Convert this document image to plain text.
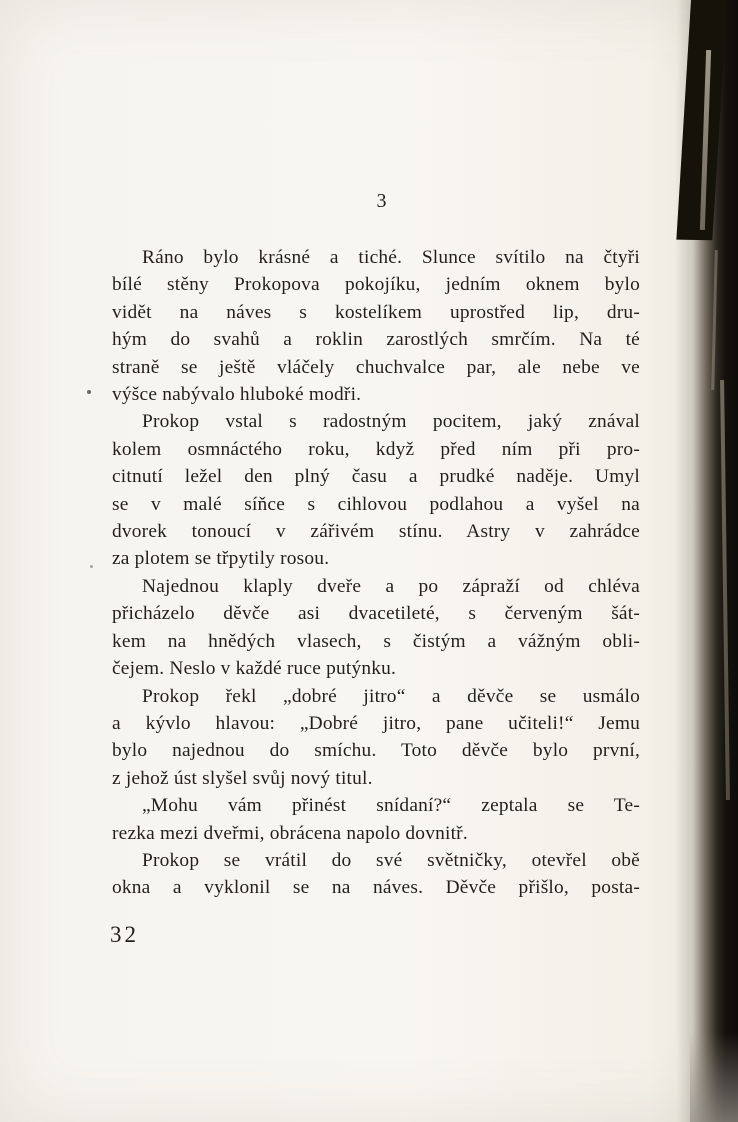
3
Ráno bylo krásné a tiché. Slunce svítilo na čtyři
bílé stěny Prokopova pokojíku, jedním oknem bylo
vidět na náves s kostelíkem uprostřed lip, dru-
hým do svahů a roklin zarostlých smrčím. Na té
straně se ještě vláčely chuchvalce par, ale nebe ve
výšce nabývalo hluboké modři.
Prokop vstal s radostným pocitem, jaký znával
kolem osmnáctého roku, když před ním při pro-
citnutí ležel den plný času a prudké naděje. Umyl
se v malé síňce s cihlovou podlahou a vyšel na
dvorek tonoucí v zářivém stínu. Astry v zahrádce
za plotem se třpytily rosou.
Najednou klaply dveře a po zápraží od chléva
přicházelo děvče asi dvacetileté, s červeným šát-
kem na hnědých vlasech, s čistým a vážným obli-
čejem. Neslo v každé ruce putýnku.
Prokop řekl „dobré jitro“ a děvče se usmálo
a kývlo hlavou: „Dobré jitro, pane učiteli!“ Jemu
bylo najednou do smíchu. Toto děvče bylo první,
z jehož úst slyšel svůj nový titul.
„Mohu vám přinést snídaní?“ zeptala se Te-
rezka mezi dveřmi, obrácena napolo dovnitř.
Prokop se vrátil do své světničky, otevřel obě
okna a vyklonil se na náves. Děvče přišlo, posta-
32
